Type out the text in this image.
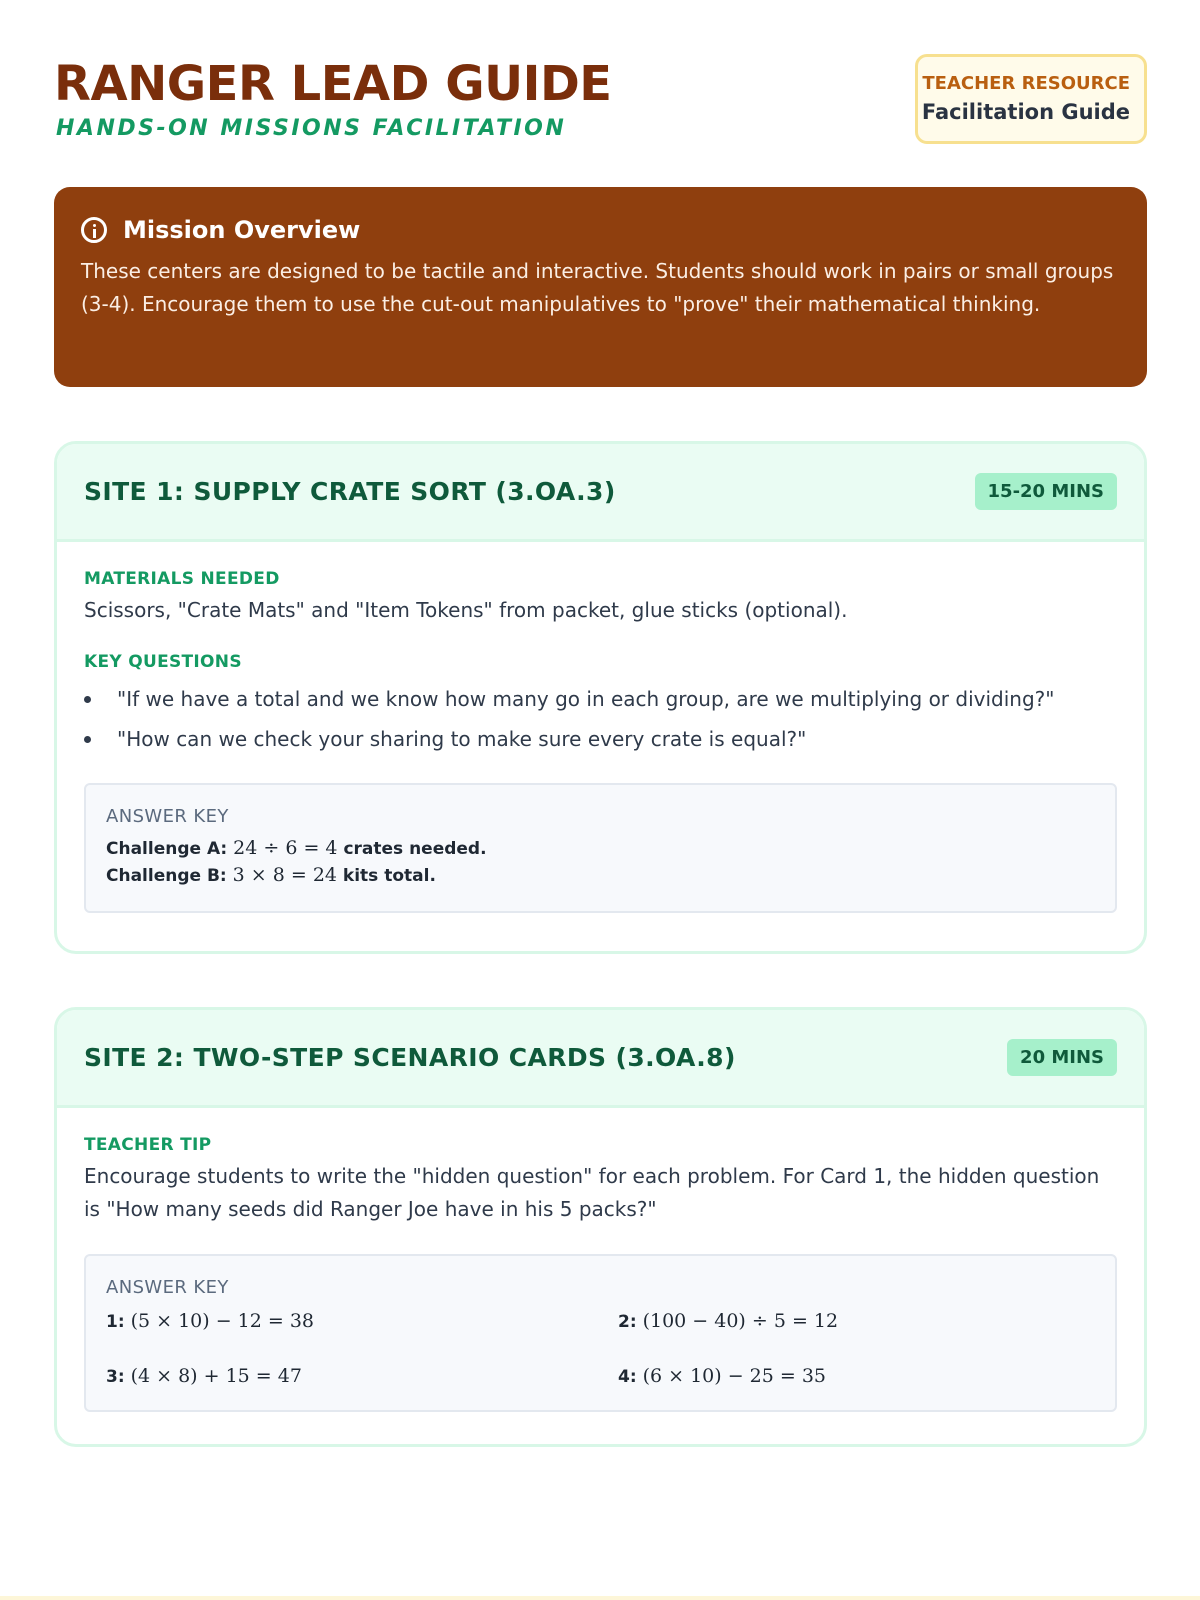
RANGER LEAD GUIDE

HANDS-ON MISSIONS FACILITATION

TEACHER RESOURCE
Facilitation Guide
Mission Overview
These centers are designed to be tactile and interactive. Students should work in pairs or small groups (3-4). Encourage them to use the cut-out manipulatives to "prove" their mathematical thinking.
SITE 1: SUPPLY CRATE SORT (3.OA.3)	15-20 MINS
MATERIALS NEEDED
Scissors, "Crate Mats" and "Item Tokens" from packet, glue sticks (optional).
KEY QUESTIONS
"If we have a total and we know how many go in each group, are we multiplying or dividing?"
"How can we check your sharing to make sure every crate is equal?"
ANSWER KEY
Challenge A: 24 ÷ 6 = 4 crates needed.
Challenge B: 3 × 8 = 24 kits total.
SITE 2: TWO-STEP SCENARIO CARDS (3.OA.8)	20 MINS
TEACHER TIP
Encourage students to write the "hidden question" for each problem. For Card 1, the hidden question is "How many seeds did Ranger Joe have in his 5 packs?"
ANSWER KEY
1: (5 × 10) − 12 = 38	2: (100 − 40) ÷ 5 = 12
3: (4 × 8) + 15 = 47	4: (6 × 10) − 25 = 35
